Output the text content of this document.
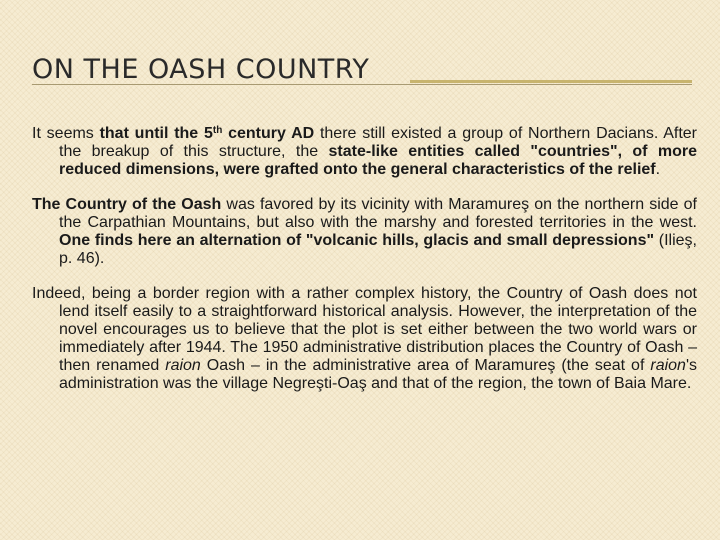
ON THE OASH COUNTRY

It seems that until the 5th century AD there still existed a group of Northern Dacians. After the breakup of this structure, the state-like entities called "countries", of more reduced dimensions, were grafted onto the general characteristics of the relief.

The Country of the Oash was favored by its vicinity with Maramureş on the northern side of the Carpathian Mountains, but also with the marshy and forested territories in the west. One finds here an alternation of "volcanic hills, glacis and small depressions" (Ilieş, p. 46).

Indeed, being a border region with a rather complex history, the Country of Oash does not lend itself easily to a straightforward historical analysis. However, the interpretation of the novel encourages us to believe that the plot is set either between the two world wars or immediately after 1944. The 1950 administrative distribution places the Country of Oash – then renamed raion Oash – in the administrative area of Maramureş (the seat of raion's administration was the village Negreşti-Oaş and that of the region, the town of Baia Mare.
